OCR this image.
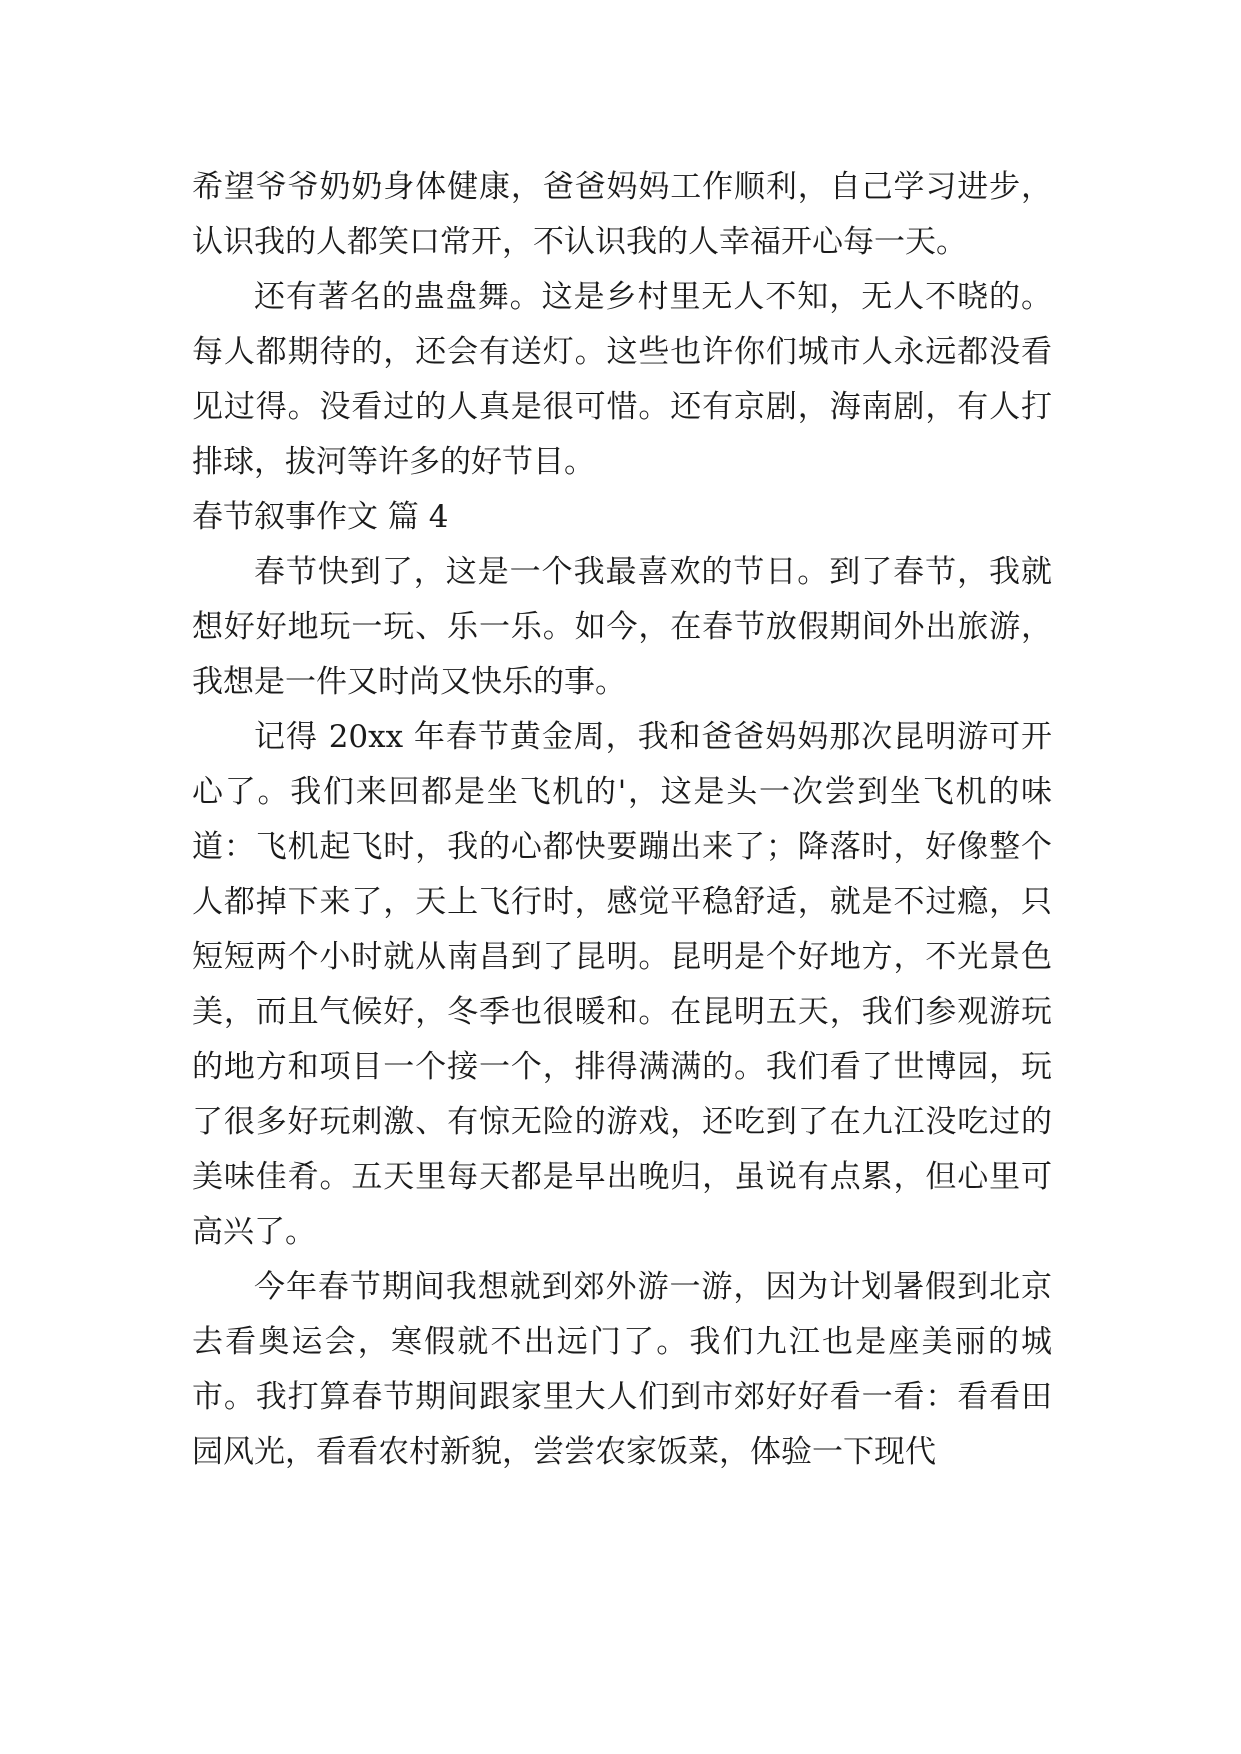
希望爷爷奶奶身体健康，爸爸妈妈工作顺利，自己学习进步，认识我的人都笑口常开，不认识我的人幸福开心每一天。

还有著名的蛊盘舞。这是乡村里无人不知，无人不晓的。每人都期待的，还会有送灯。这些也许你们城市人永远都没看见过得。没看过的人真是很可惜。还有京剧，海南剧，有人打排球，拔河等许多的好节目。

春节叙事作文 篇 4

春节快到了，这是一个我最喜欢的节日。到了春节，我就想好好地玩一玩、乐一乐。如今，在春节放假期间外出旅游，我想是一件又时尚又快乐的事。

记得 20xx 年春节黄金周，我和爸爸妈妈那次昆明游可开心了。我们来回都是坐飞机的'，这是头一次尝到坐飞机的味道：飞机起飞时，我的心都快要蹦出来了；降落时，好像整个人都掉下来了，天上飞行时，感觉平稳舒适，就是不过瘾，只短短两个小时就从南昌到了昆明。昆明是个好地方，不光景色美，而且气候好，冬季也很暖和。在昆明五天，我们参观游玩的地方和项目一个接一个，排得满满的。我们看了世博园，玩了很多好玩刺激、有惊无险的游戏，还吃到了在九江没吃过的美味佳肴。五天里每天都是早出晚归，虽说有点累，但心里可高兴了。

今年春节期间我想就到郊外游一游，因为计划暑假到北京去看奥运会，寒假就不出远门了。我们九江也是座美丽的城市。我打算春节期间跟家里大人们到市郊好好看一看：看看田园风光，看看农村新貌，尝尝农家饭菜，体验一下现代
